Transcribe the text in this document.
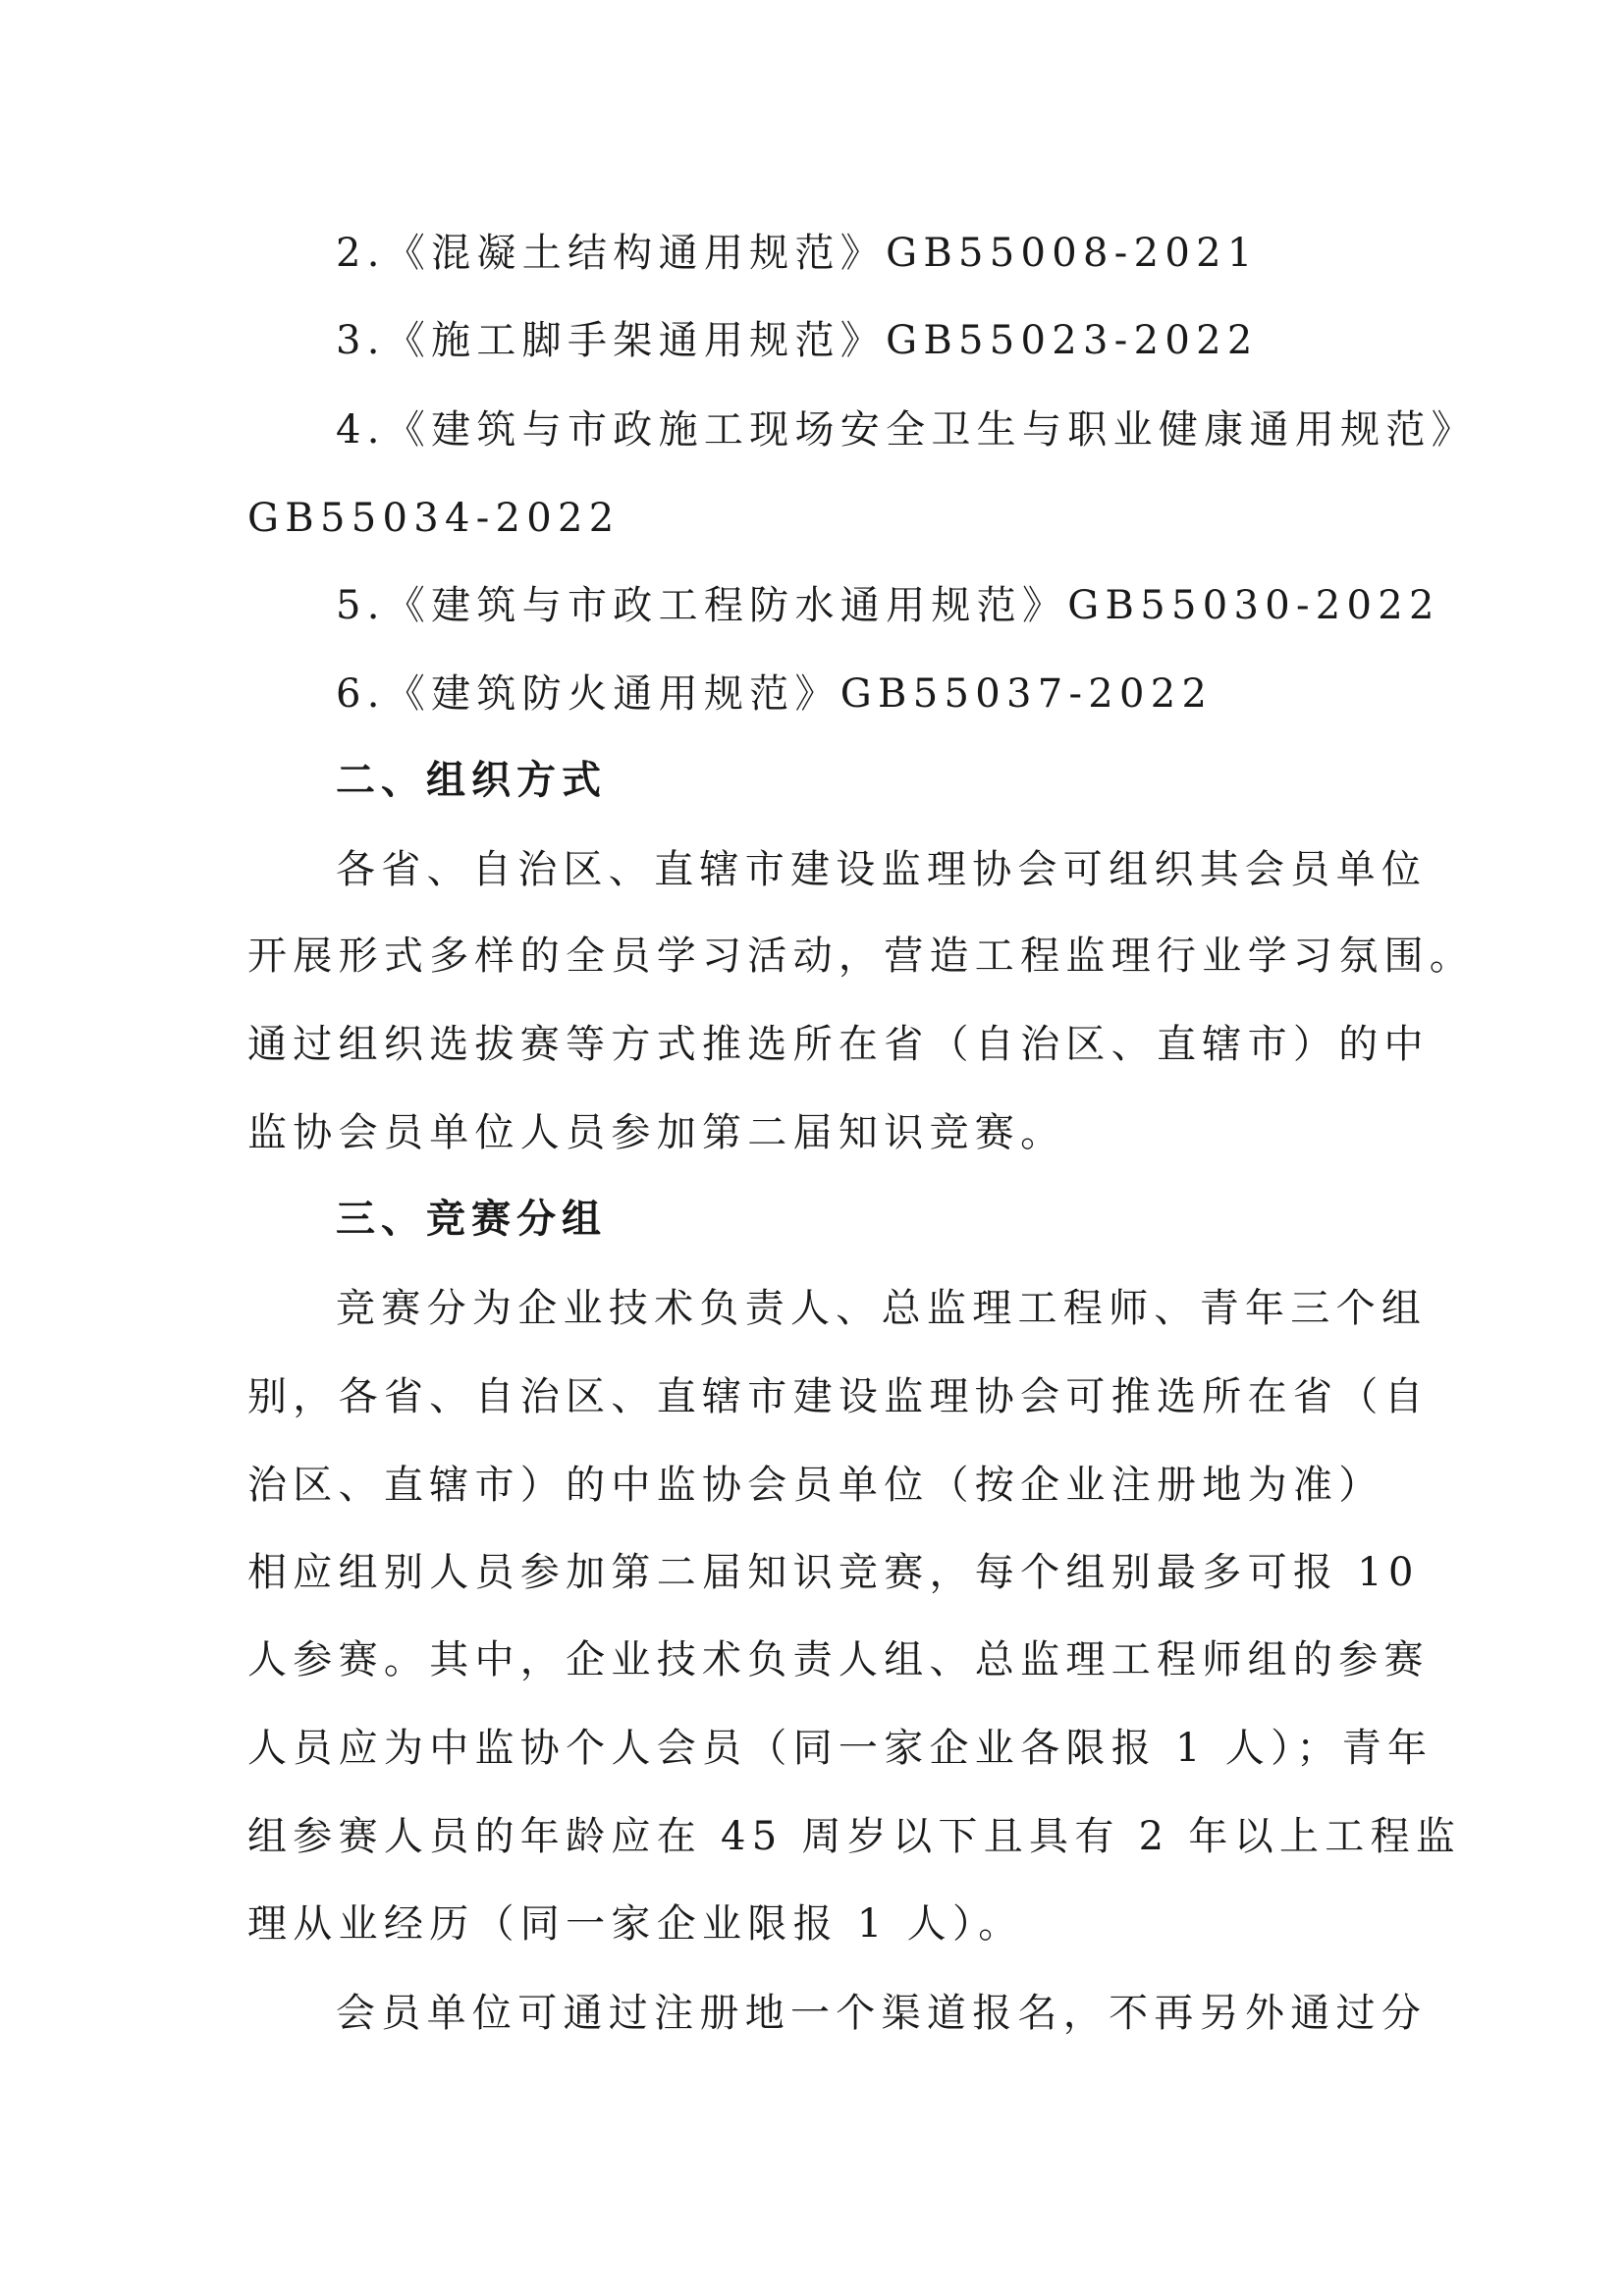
2.《混凝土结构通用规范》GB55008-2021
3.《施工脚手架通用规范》GB55023-2022
4.《建筑与市政施工现场安全卫生与职业健康通用规范》
GB55034-2022
5.《建筑与市政工程防水通用规范》GB55030-2022
6.《建筑防火通用规范》GB55037-2022
二、组织方式
各省、自治区、直辖市建设监理协会可组织其会员单位
开展形式多样的全员学习活动，营造工程监理行业学习氛围。
通过组织选拔赛等方式推选所在省（自治区、直辖市）的中
监协会员单位人员参加第二届知识竞赛。
三、竞赛分组
竞赛分为企业技术负责人、总监理工程师、青年三个组
别，各省、自治区、直辖市建设监理协会可推选所在省（自
治区、直辖市）的中监协会员单位（按企业注册地为准）
相应组别人员参加第二届知识竞赛，每个组别最多可报 10
人参赛。其中，企业技术负责人组、总监理工程师组的参赛
人员应为中监协个人会员（同一家企业各限报 1 人）；青年
组参赛人员的年龄应在 45 周岁以下且具有 2 年以上工程监
理从业经历（同一家企业限报 1 人）。
会员单位可通过注册地一个渠道报名，不再另外通过分
